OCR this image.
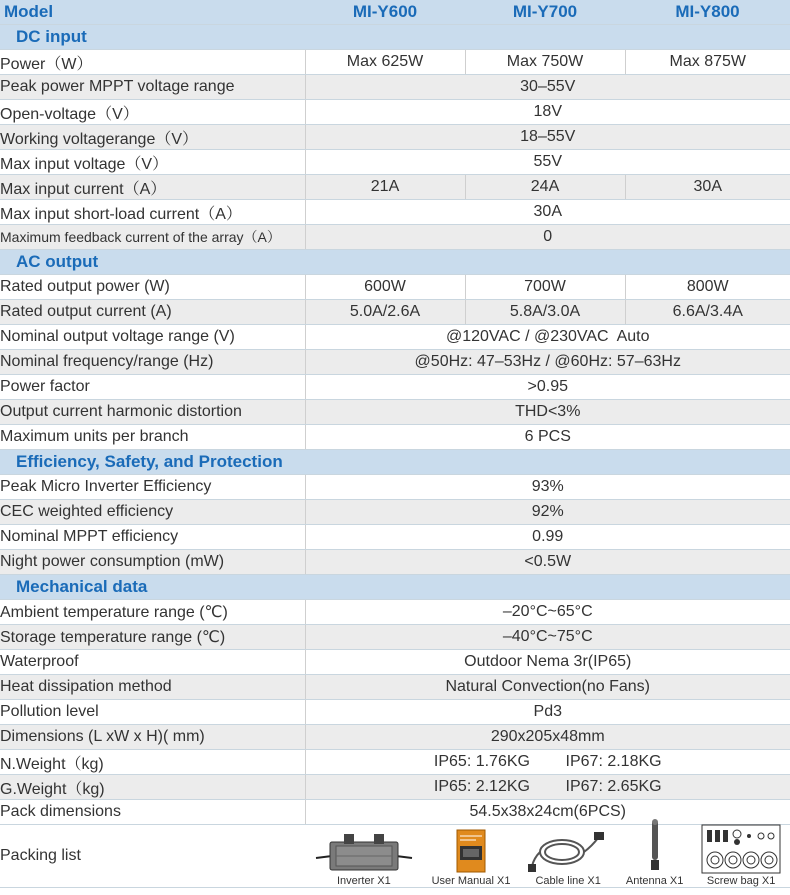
Model	MI-Y600	MI-Y700	MI-Y800
DC input			
Power（W）	Max 625W	Max 750W	Max 875W
Peak power MPPT voltage range	30–55V		
Open-voltage（V）	18V		
Working voltagerange（V）	18–55V		
Max input voltage（V）	55V		
Max input current（A）	21A	24A	30A
Max input short-load current（A）	30A		
Maximum feedback current of the array（A）	0		
AC output			
Rated output power (W)	600W	700W	800W
Rated output current (A)	5.0A/2.6A	5.8A/3.0A	6.6A/3.4A
Nominal output voltage range (V)	@120VAC / @230VAC  Auto		
Nominal frequency/range (Hz)	@50Hz: 47–53Hz / @60Hz: 57–63Hz		
Power factor	>0.95		
Output current harmonic distortion	THD<3%		
Maximum units per branch	6 PCS		
Efficiency, Safety, and Protection			
Peak Micro Inverter Efficiency	93%		
CEC weighted efficiency	92%		
Nominal MPPT efficiency	0.99		
Night power consumption (mW)	<0.5W		
Mechanical data			
Ambient temperature range (℃)	–20°C~65°C		
Storage temperature range (℃)	–40°C~75°C		
Waterproof	Outdoor Nema 3r(IP65)		
Heat dissipation method	Natural Convection(no Fans)		
Pollution level	Pd3		
Dimensions (L xW x H)( mm)	290x205x48mm		
N.Weight（kg)	IP65: 1.76KG        IP67: 2.18KG		
G.Weight（kg)	IP65: 2.12KG        IP67: 2.65KG		
Pack dimensions	54.5x38x24cm(6PCS)		
Packing list	Inverter X1 User Manual X1 Cable line X1 Antenna X1 Screw bag X1		
